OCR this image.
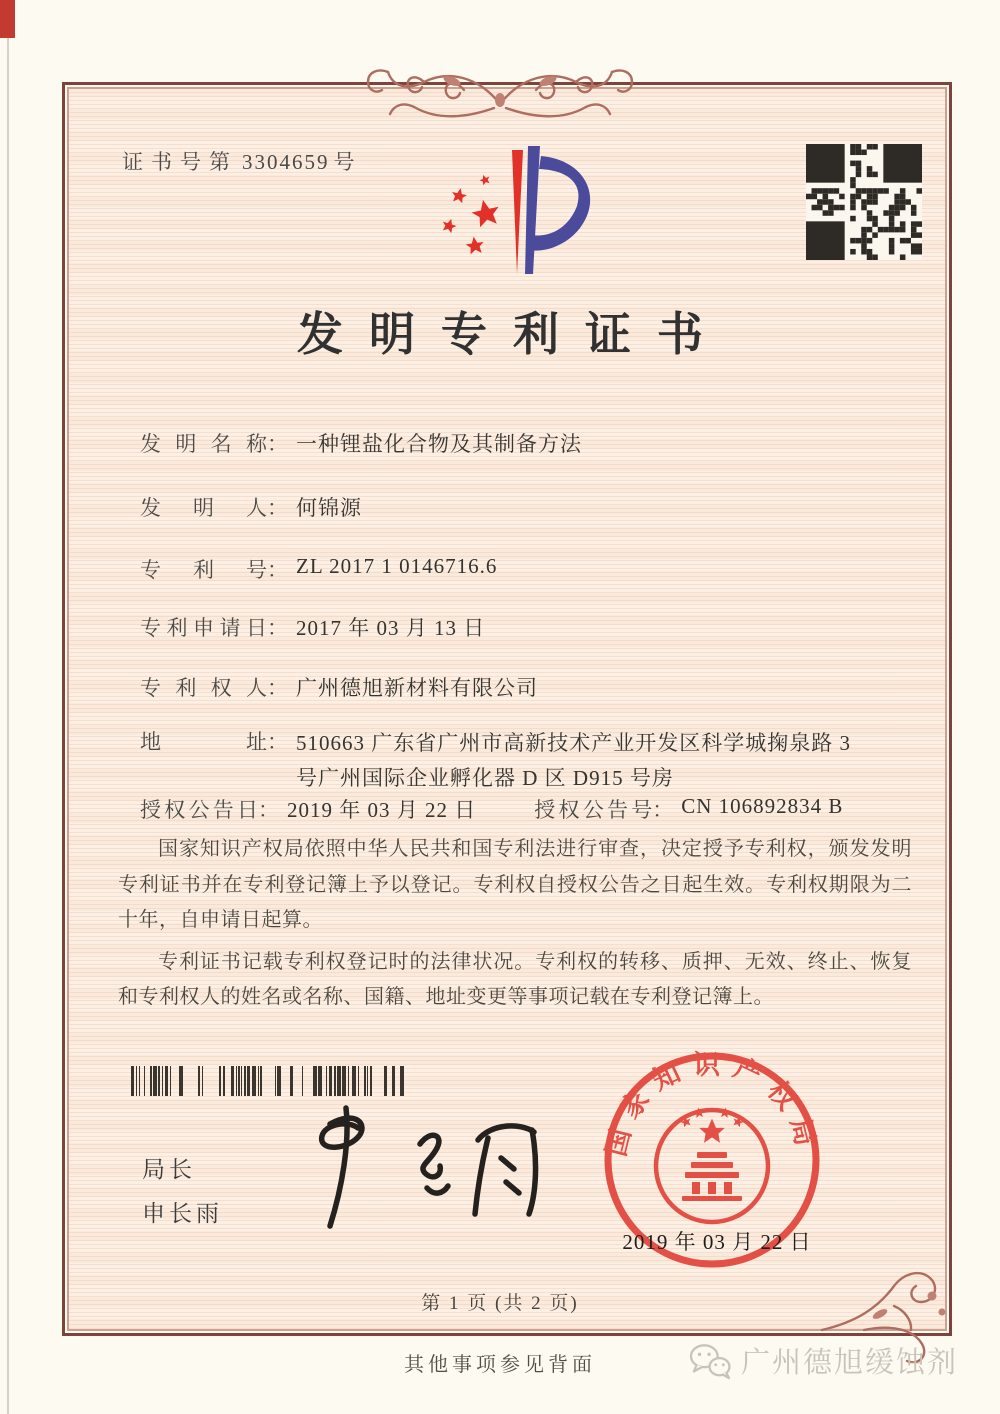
证书号第 3304659 号
发明专利证书
发明名称 ： 一种锂盐化合物及其制备方法
发明人 ： 何锦源
专利号 ： ZL 2017 1 0146716.6
专利申请日 ： 2017 年 03 月 13 日
专利权人 ： 广州德旭新材料有限公司
地址 ： 510663 广东省广州市高新技术产业开发区科学城掬泉路 3
号广州国际企业孵化器 D 区 D915 号房
授权公告日 ： 2019 年 03 月 22 日	授权公告号 ： CN 106892834 B

国家知识产权局依照中华人民共和国专利法进行审查，决定授予专利权，颁发发明专利证书并在专利登记簿上予以登记。专利权自授权公告之日起生效。专利权期限为二十年，自申请日起算。

专利证书记载专利权登记时的法律状况。专利权的转移、质押、无效、终止、恢复和专利权人的姓名或名称、国籍、地址变更等事项记载在专利登记簿上。

局长
申长雨
国家知识产权局
2019 年 03 月 22 日
第 1 页 (共 2 页)
其他事项参见背面	广州德旭缓蚀剂
